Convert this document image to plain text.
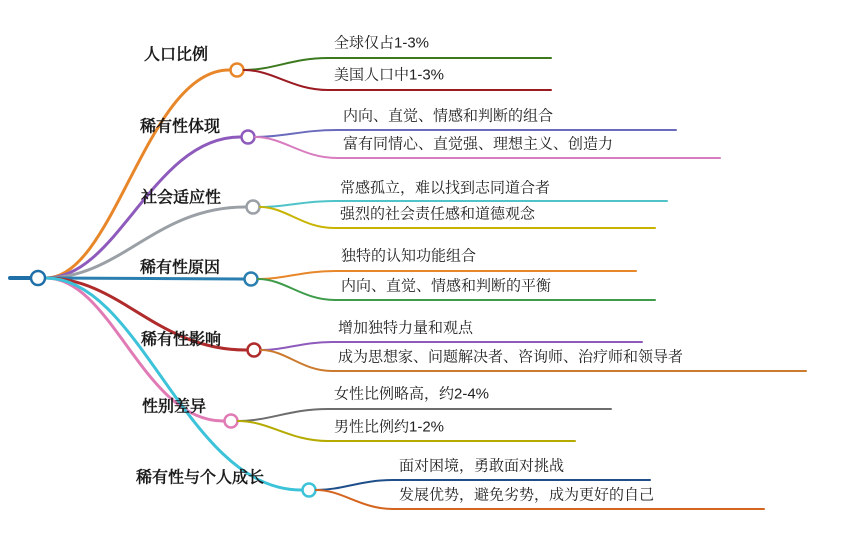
人口比例
全球仅占1-3%
美国人口中1-3%
稀有性体现
内向、直觉、情感和判断的组合
富有同情心、直觉强、理想主义、创造力
社会适应性
常感孤立，难以找到志同道合者
强烈的社会责任感和道德观念
稀有性原因
独特的认知功能组合
内向、直觉、情感和判断的平衡
稀有性影响
增加独特力量和观点
成为思想家、问题解决者、咨询师、治疗师和领导者
性别差异
女性比例略高，约2-4%
男性比例约1-2%
稀有性与个人成长
面对困境，勇敢面对挑战
发展优势，避免劣势，成为更好的自己
